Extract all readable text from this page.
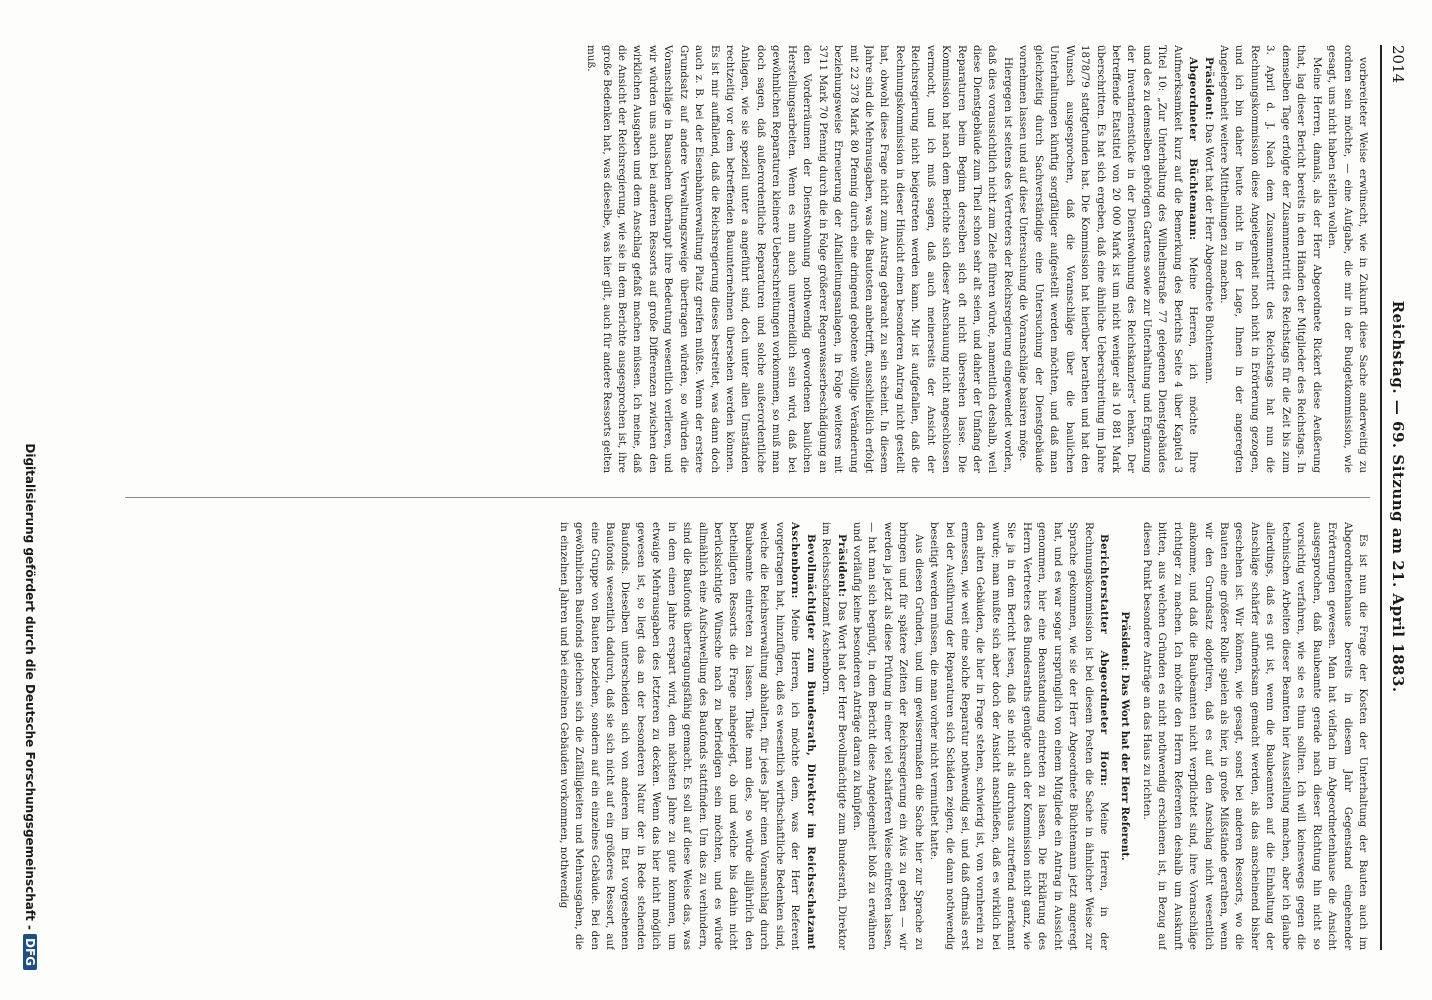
2014
Reichstag. — 69. Sitzung am 21. April 1883.

vorbereiteter Weise erwünscht, wie in Zukunft diese Sache anderweitig zu ordnen sein möchte, — eine Aufgabe, die mir in der Budgetkommission, wie gesagt, uns nicht haben stellen wollen.

Meine Herren, damals, als der Herr Abgeordnete Rickert diese Aeußerung that, lag dieser Bericht bereits in den Händen der Mitglieder des Reichstags. In demselben Tage erfolgte der Zusammentritt des Reichstags für die Zeit bis zum 3. April d. J. Nach dem Zusammentritt des Reichstags hat nun die Rechnungskommission diese Angelegenheit noch nicht in Erörterung gezogen, und ich bin daher heute nicht in der Lage, Ihnen in der angeregten Angelegenheit weitere Mittheilungen zu machen.

Präsident: Das Wort hat der Herr Abgeordnete Büchtemann.

Abgeordneter Büchtemann: Meine Herren, ich möchte Ihre Aufmerksamkeit kurz auf die Bemerkung des Berichts Seite 4 über Kapitel 3 Titel 10: „Zur Unterhaltung des Wilhelmstraße 77 gelegenen Dienstgebäudes und des zu demselben gehörigen Gartens sowie zur Unterhaltung und Ergänzung der Inventarienstücke in der Dienstwohnung des Reichskanzlers“ lenken. Der betreffende Etatstitel von 20 000 Mark ist um nicht weniger als 10 881 Mark überschritten. Es hat sich ergeben, daß eine ähnliche Ueberschreitung im Jahre 1878/79 stattgefunden hat. Die Kommission hat hierüber berathen und hat den Wunsch ausgesprochen, daß die Voranschläge über die baulichen Unterhaltungen künftig sorgfältiger aufgestellt werden möchten, und daß man gleichzeitig durch Sachverständige eine Untersuchung der Dienstgebäude vornehmen lassen und auf diese Untersuchung die Voranschläge basiren möge.

Hiergegen ist seitens des Vertreters der Reichsregierung eingewendet worden, daß dies voraussichtlich nicht zum Ziele führen würde, namentlich deshalb, weil diese Dienstgebäude zum Theil schon sehr alt seien, und daher der Umfang der Reparaturen beim Beginn derselben sich oft nicht übersehen lasse. Die Kommission hat nach dem Berichte sich dieser Anschauung nicht angeschlossen vermocht, und ich muß sagen, daß auch meinerseits der Ansicht der Reichsregierung nicht beigetreten werden kann. Mir ist aufgefallen, daß die Rechnungskommission in dieser Hinsicht einen besonderen Antrag nicht gestellt hat, obwohl diese Frage nicht zum Austrag gebracht zu sein scheint. In diesem Jahre sind die Mehrausgaben, was die Bautosten anbetrifft, ausschließlich erfolgt mit 22 378 Mark 80 Pfennig durch eine dringend gebotene völlige Veränderung beziehungsweise Erneuerung der Alfallleitungsanlagen, in Folge weiteres mit 3711 Mark 70 Pfennig durch die in Folge größerer Regenwasserbeschädigung an den Vorderräumen der Dienstwohnung nothwendig gewordenen baulichen Herstellungsarbeiten. Wenn es nun auch unvermeidlich sein wird, daß bei gewöhnlichen Reparaturen kleinere Ueberschreitungen vorkommen, so muß man doch sagen, daß außerordentliche Reparaturen und solche außerordentliche Anlagen, wie sie speziell unter a angeführt sind, doch unter allen Umständen rechtzeitig vor dem betreffenden Bauunternehmen übersehen werden können. Es ist mir auffallend, daß die Reichsregierung dieses bestreitet, was dann doch auch z. B. bei der Eisenbahnverwaltung Platz greifen müßte. Wenn der erstere Grundsatz auf andere Verwaltungszweige übertragen würden, so würden die Voranschläge in Bausachen überhaupt ihre Bedeutung wesentlich verlieren, und wir würden uns auch bei anderen Ressorts auf große Differenzen zwischen den wirklichen Ausgaben und dem Anschlag gefaßt machen müssen. Ich meine, daß die Ansicht der Reichsregierung, wie sie in dem Berichte ausgesprochen ist, ihre große Bedenken hat, was dieselbe, was hier gilt, auch für andere Ressorts gelten muß.

Es ist nun die Frage der Kosten der Unterhaltung der Bauten auch im Abgeordnetenhause bereits in diesem Jahr Gegenstand eingehender Erörterungen gewesen. Man hat vielfach im Abgeordnetenhause die Ansicht ausgesprochen, daß Baubeamte gerade nach dieser Richtung hin nicht so vorsichtig verfahren, wie sie es thun sollten. Ich will keineswegs gegen die technischen Arbeiten dieser Beamten hier Ausstellung machen, aber ich glaube allerdings, daß es gut ist, wenn die Baubeamten auf die Einhaltung der Anschläge schärfer aufmerksam gemacht werden, als das anscheinend bisher geschehen ist. Wir können, wie gesagt, sonst bei anderen Ressorts, wo die Bauten eine größere Rolle spielen als hier, in große Mißstände gerathen, wenn wir den Grundsatz adoptiren, daß es auf den Anschlag nicht wesentlich ankomme, und daß die Baubeamten nicht verpflichtet sind, ihre Voranschläge richtiger zu machen. Ich möchte den Herrn Referenten deshalb um Auskunft bitten, aus welchen Gründen es nicht nothwendig erschienen ist, in Bezug auf diesen Punkt besondere Anträge an das Haus zu richten.

Präsident: Das Wort hat der Herr Referent.

Berichterstatter Abgeordneter Horn: Meine Herren, in der Rechnungskommission ist bei diesem Posten die Sache in ähnlicher Weise zur Sprache gekommen, wie sie der Herr Abgeordnete Büchtemann jetzt angeregt hat, und es war sogar ursprünglich von einem Mitgliede ein Antrag in Aussicht genommen, hier eine Beanstandung eintreten zu lassen. Die Erklärung des Herrn Vertreters des Bundesraths genügte auch der Kommission nicht ganz, wie Sie ja in dem Bericht lesen, daß sie nicht als durchaus zutreffend anerkannt wurde; man mußte sich aber doch der Ansicht anschließen, daß es wirklich bei den alten Gebäuden, die hier in Frage stehen, schwierig ist, von vornherein zu ermessen, wie weit eine solche Reparatur nothwendig sei, und daß oftmals erst bei der Ausführung der Reparaturen sich Schäden zeigen, die dann nothwendig beseitigt werden müssen, die man vorher nicht vermuthet hatte.

Aus diesen Gründen, und um gewissermaßen die Sache hier zur Sprache zu bringen und für spätere Zeiten der Reichsregierung ein Avis zu geben — wir werden ja jetzt als diese Prüfung in einer viel schärferen Weise eintreten lassen, — hat man sich begnügt, in dem Bericht diese Angelegenheit bloß zu erwähnen und vorläufig keine besonderen Anträge daran zu knüpfen.

Präsident: Das Wort hat der Herr Bevollmächtigte zum Bundesrath, Direktor im Reichsschatzamt Aschenborn.

Bevollmächtigter zum Bundesrath, Direktor im Reichsschatzamt Aschenborn: Meine Herren, ich möchte dem, was der Herr Referent vorgetragen hat, hinzufügen, daß es wesentlich wirthschaftliche Bedenken sind, welche die Reichsverwaltung abhalten, für jedes Jahr einen Voranschlag durch Baubeamte eintreten zu lassen. Thäte man dies, so würde alljährlich den betheiligten Ressorts die Frage nahegelegt, ob und welche bis dahin nicht berücksichtigte Wünsche nach zu befriedigen sein möchten, und es würde allmählich eine Aufschwellung des Baufonds stattfinden. Um das zu verhindern, sind die Baufonds übertragungsfähig gemacht. Es soll auf diese Weise das, was in dem einen Jahre erspart wird, dem nächsten Jahre zu gute kommen, um etwaige Mehrausgaben des letzteren zu decken. Wenn das hier nicht möglich gewesen ist, so liegt das an der besonderen Natur der in Rede stehenden Baufonds. Dieselben unterscheiden sich von anderen im Etat vorgesehenen Baufonds wesentlich dadurch, daß sie sich nicht auf ein größeres Ressort, auf eine Gruppe von Bauten beziehen, sondern auf ein einzelnes Gebäude. Bei den gewöhnlichen Baufonds gleichen sich die Zufälligkeiten und Mehrausgaben, die in einzelnen Jahren und bei einzelnen Gebäuden vorkommen, nothwendig

Digitalisierung gefördert durch die Deutsche Forschungsgemeinschaft -DFG
